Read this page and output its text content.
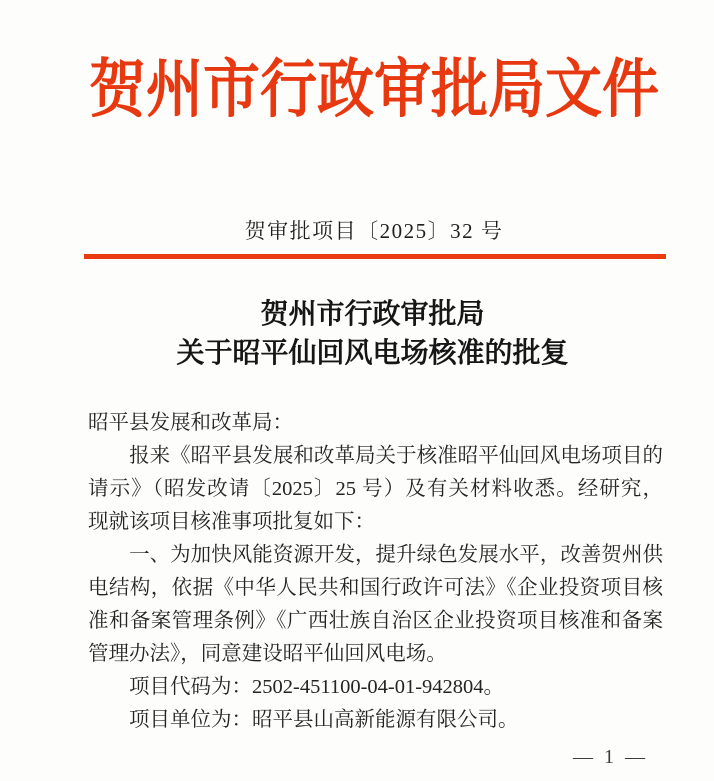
贺州市行政审批局文件
贺审批项目〔2025〕32 号
贺州市行政审批局
关于昭平仙回风电场核准的批复
昭平县发展和改革局：
　　报来《昭平县发展和改革局关于核准昭平仙回风电场项目的
请示》（昭发改请〔2025〕25 号）及有关材料收悉。经研究，
现就该项目核准事项批复如下：
　　一、为加快风能资源开发，提升绿色发展水平，改善贺州供
电结构，依据《中华人民共和国行政许可法》《企业投资项目核
准和备案管理条例》《广西壮族自治区企业投资项目核准和备案
管理办法》，同意建设昭平仙回风电场。
　　项目代码为：2502-451100-04-01-942804。
　　项目单位为：昭平县山高新能源有限公司。
— 1 —
